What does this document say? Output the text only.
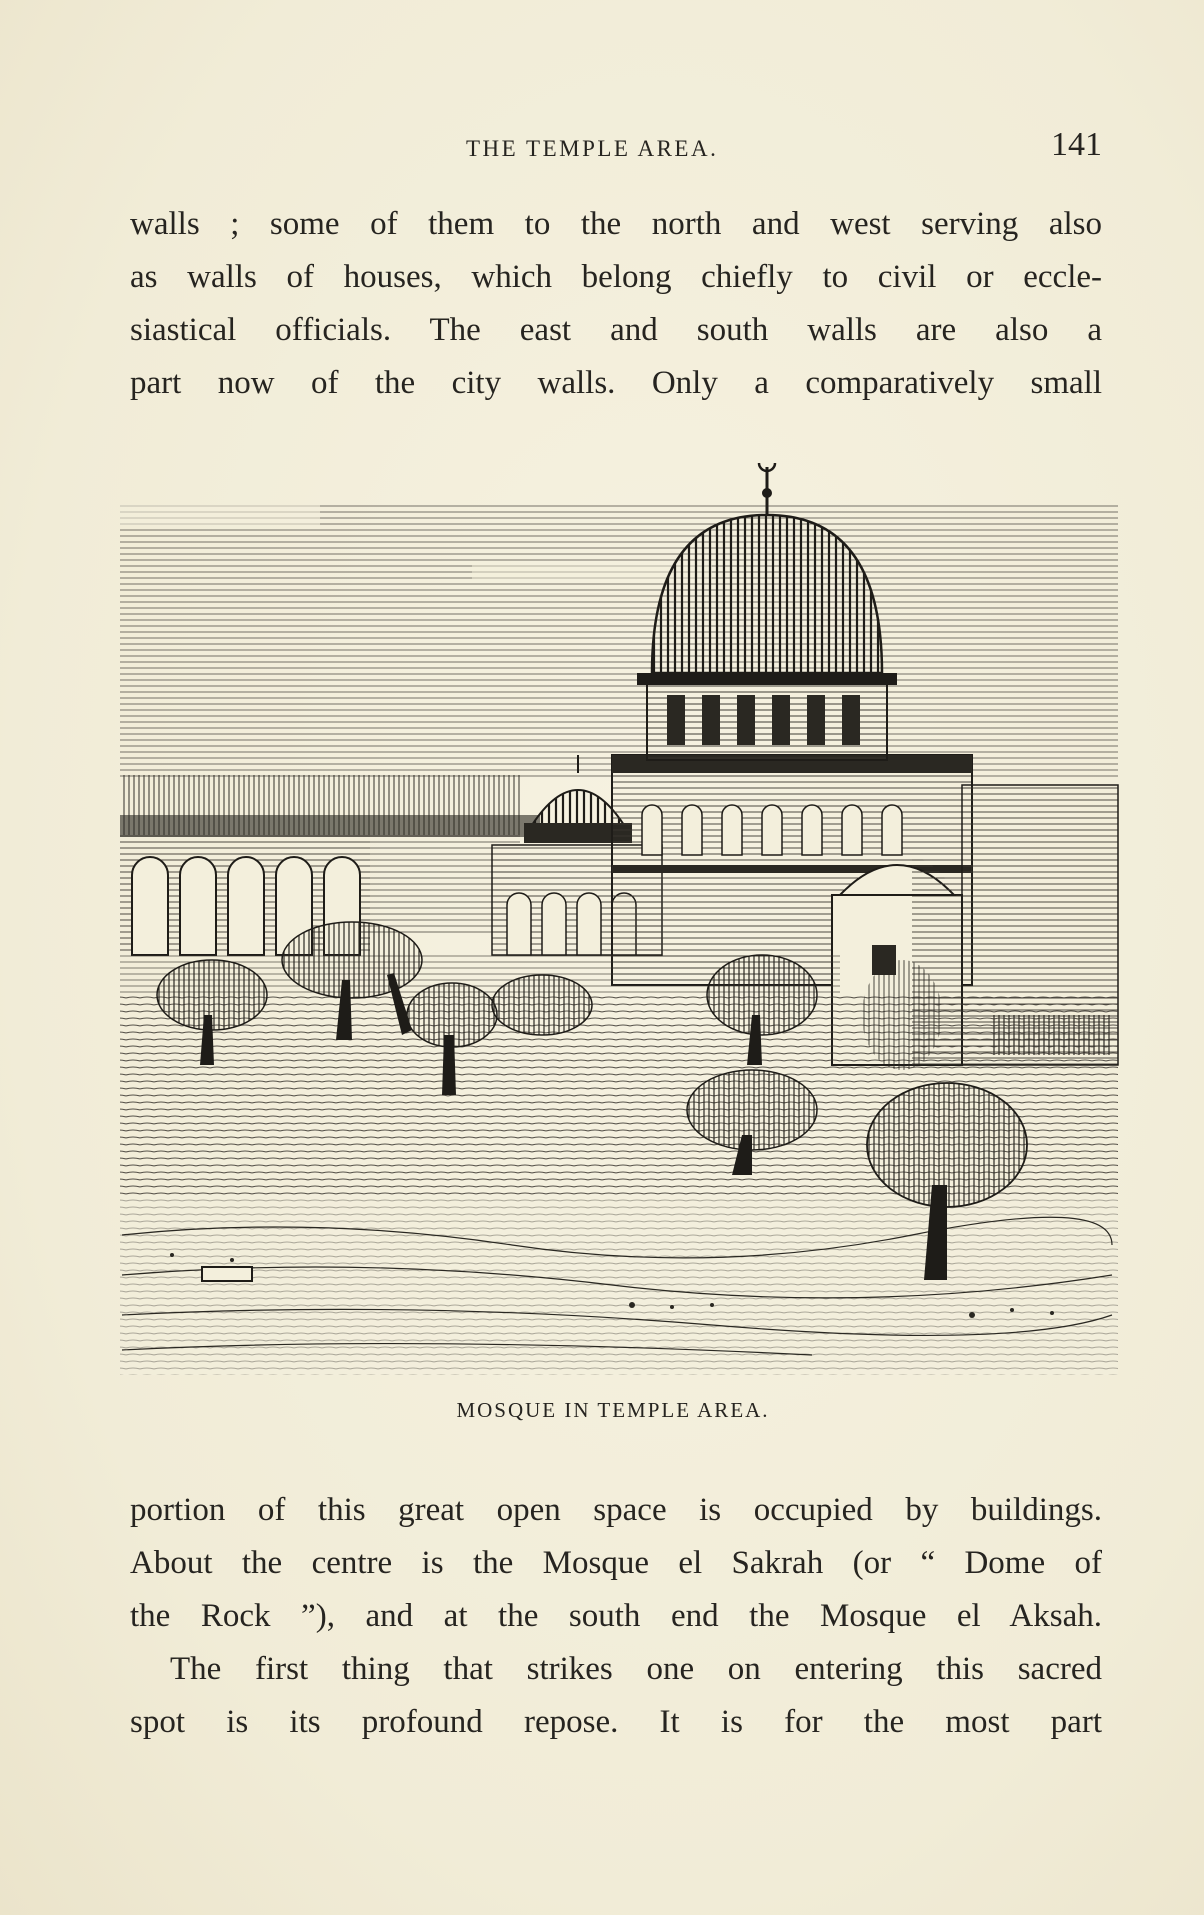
THE TEMPLE AREA.	141
walls ; some of them to the north and west serving also
as walls of houses, which belong chiefly to civil or eccle-
siastical officials. The east and south walls are also a
part now of the city walls. Only a comparatively small
MOSQUE IN TEMPLE AREA.
portion of this great open space is occupied by buildings.
About the centre is the Mosque el Sakrah (or “ Dome of
the Rock ”), and at the south end the Mosque el Aksah.
The first thing that strikes one on entering this sacred
spot is its profound repose. It is for the most part
